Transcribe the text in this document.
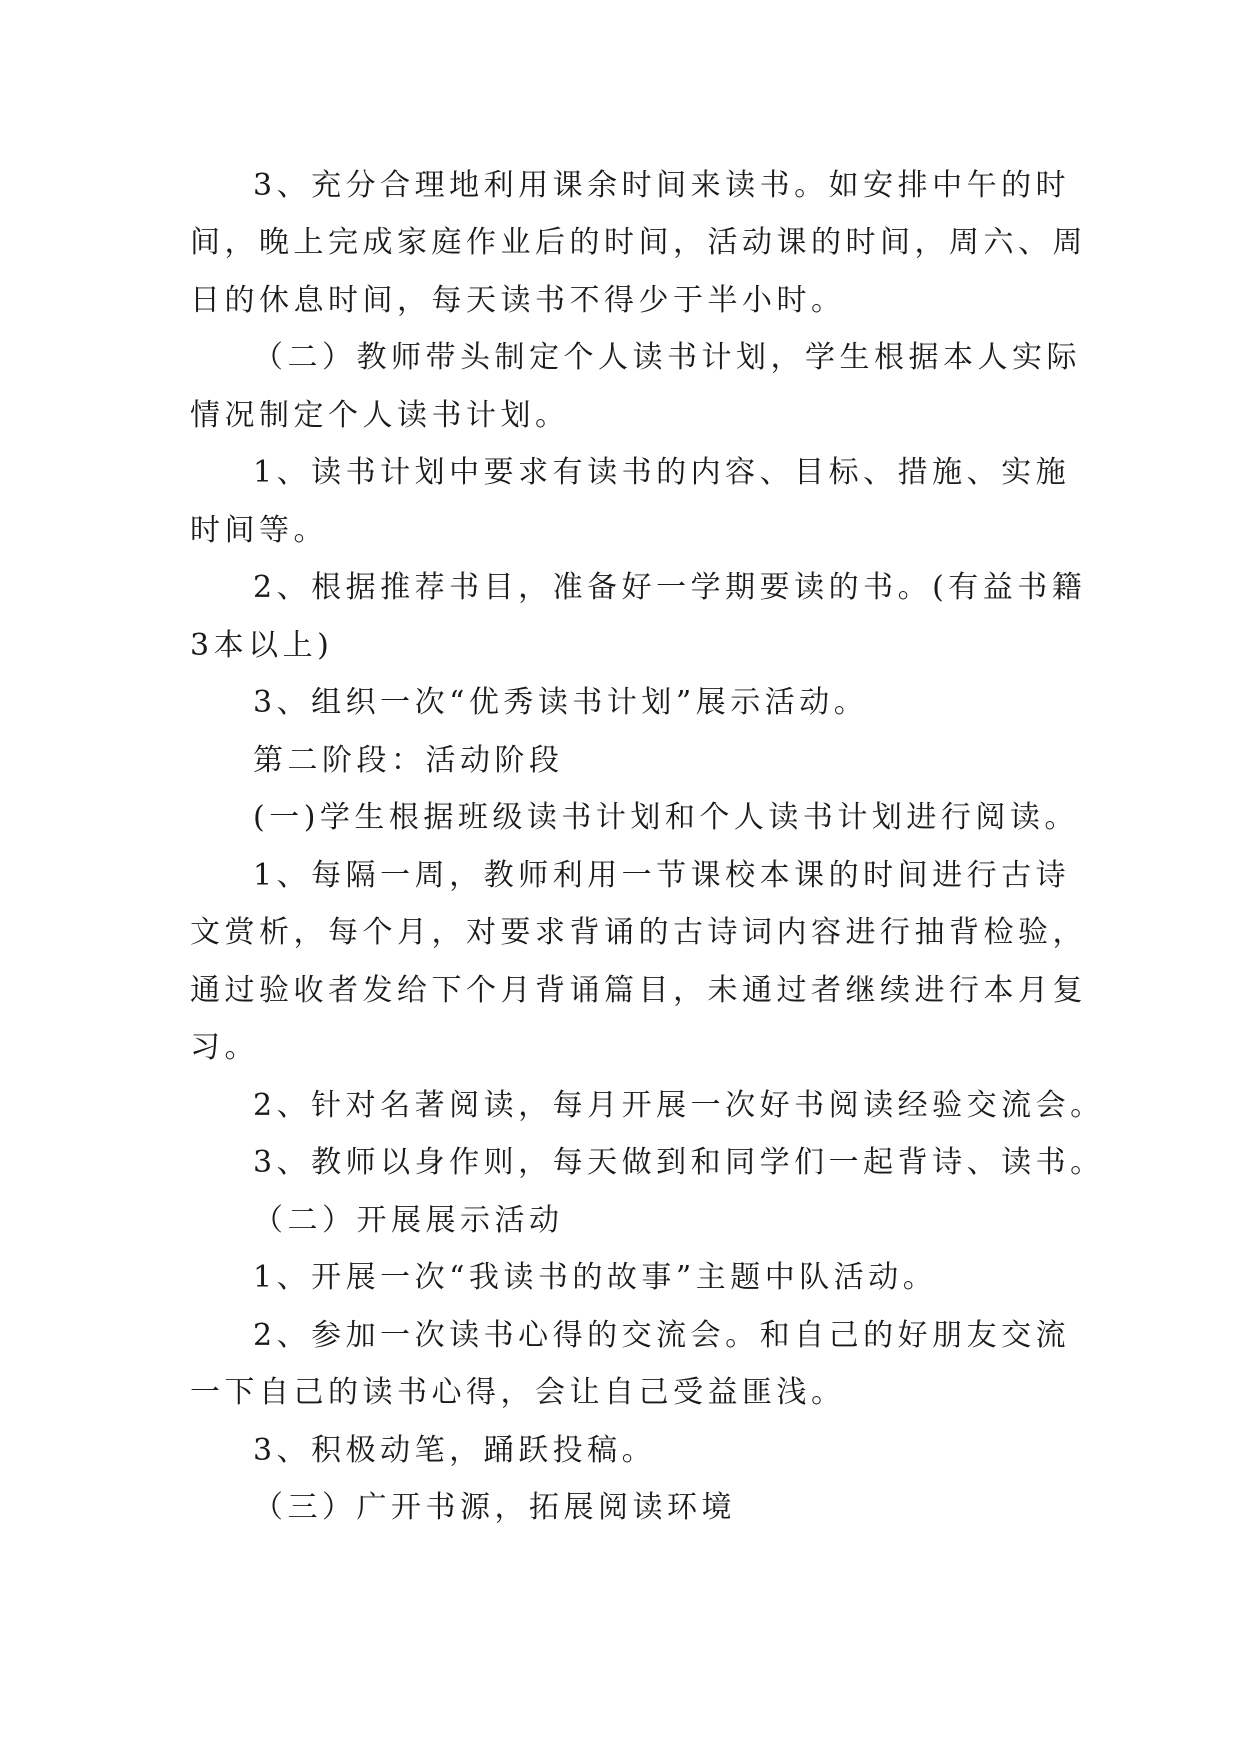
3、充分合理地利用课余时间来读书。如安排中午的时
间，晚上完成家庭作业后的时间，活动课的时间，周六、周
日的休息时间，每天读书不得少于半小时。
（二）教师带头制定个人读书计划，学生根据本人实际
情况制定个人读书计划。
1、读书计划中要求有读书的内容、目标、措施、实施
时间等。
2、根据推荐书目，准备好一学期要读的书。(有益书籍
3本以上)
3、组织一次“优秀读书计划”展示活动。
第二阶段：活动阶段
(一)学生根据班级读书计划和个人读书计划进行阅读。
1、每隔一周，教师利用一节课校本课的时间进行古诗
文赏析，每个月，对要求背诵的古诗词内容进行抽背检验，
通过验收者发给下个月背诵篇目，未通过者继续进行本月复
习。
2、针对名著阅读，每月开展一次好书阅读经验交流会。
3、教师以身作则，每天做到和同学们一起背诗、读书。
（二）开展展示活动
1、开展一次“我读书的故事”主题中队活动。
2、参加一次读书心得的交流会。和自己的好朋友交流
一下自己的读书心得，会让自己受益匪浅。
3、积极动笔，踊跃投稿。
（三）广开书源，拓展阅读环境
